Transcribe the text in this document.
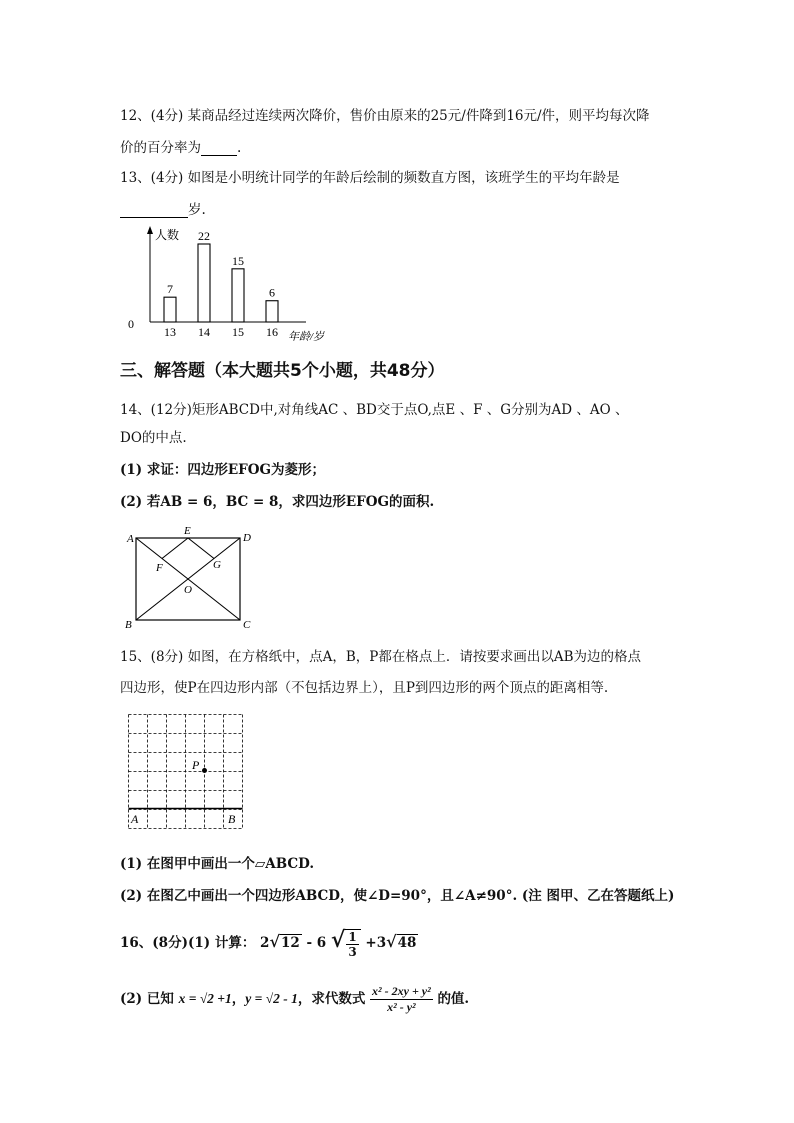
12、(4分) 某商品经过连续两次降价，售价由原来的25元/件降到16元/件，则平均每次降
价的百分率为	.
13、(4分) 如图是小明统计同学的年龄后绘制的频数直方图，该班学生的平均年龄是
岁.
人数
年龄/岁
0
7
13
22
14
15
15
6
16
三、解答题（本大题共5个小题，共48分）
14、(12分)矩形ABCD中,对角线AC 、BD交于点O,点E 、F 、G分别为AD 、AO 、
DO的中点.
(1) 求证：四边形EFOG为菱形；
(2) 若AB = 6，BC = 8，求四边形EFOG的面积.
A
B	C
D
E
F	G
O
15、(8分) 如图，在方格纸中，点A，B，P都在格点上．请按要求画出以AB为边的格点
四边形，使P在四边形内部（不包括边界上），且P到四边形的两个顶点的距离相等.
P
A	B
(1) 在图甲中画出一个▱ABCD.
(2) 在图乙中画出一个四边形ABCD，使∠D=90°，且∠A≠90°. (注 图甲、乙在答题纸上)
16、(8分)(1) 计算： 2√12 - 6 √ $\frac{1}{3} +3√48$
(2) 已知 x = √2 +1，y = √2 - 1，求代数式 $\frac{\text{x² - 2xy + y²}}{\text{x² - y²}}$ 的值.
